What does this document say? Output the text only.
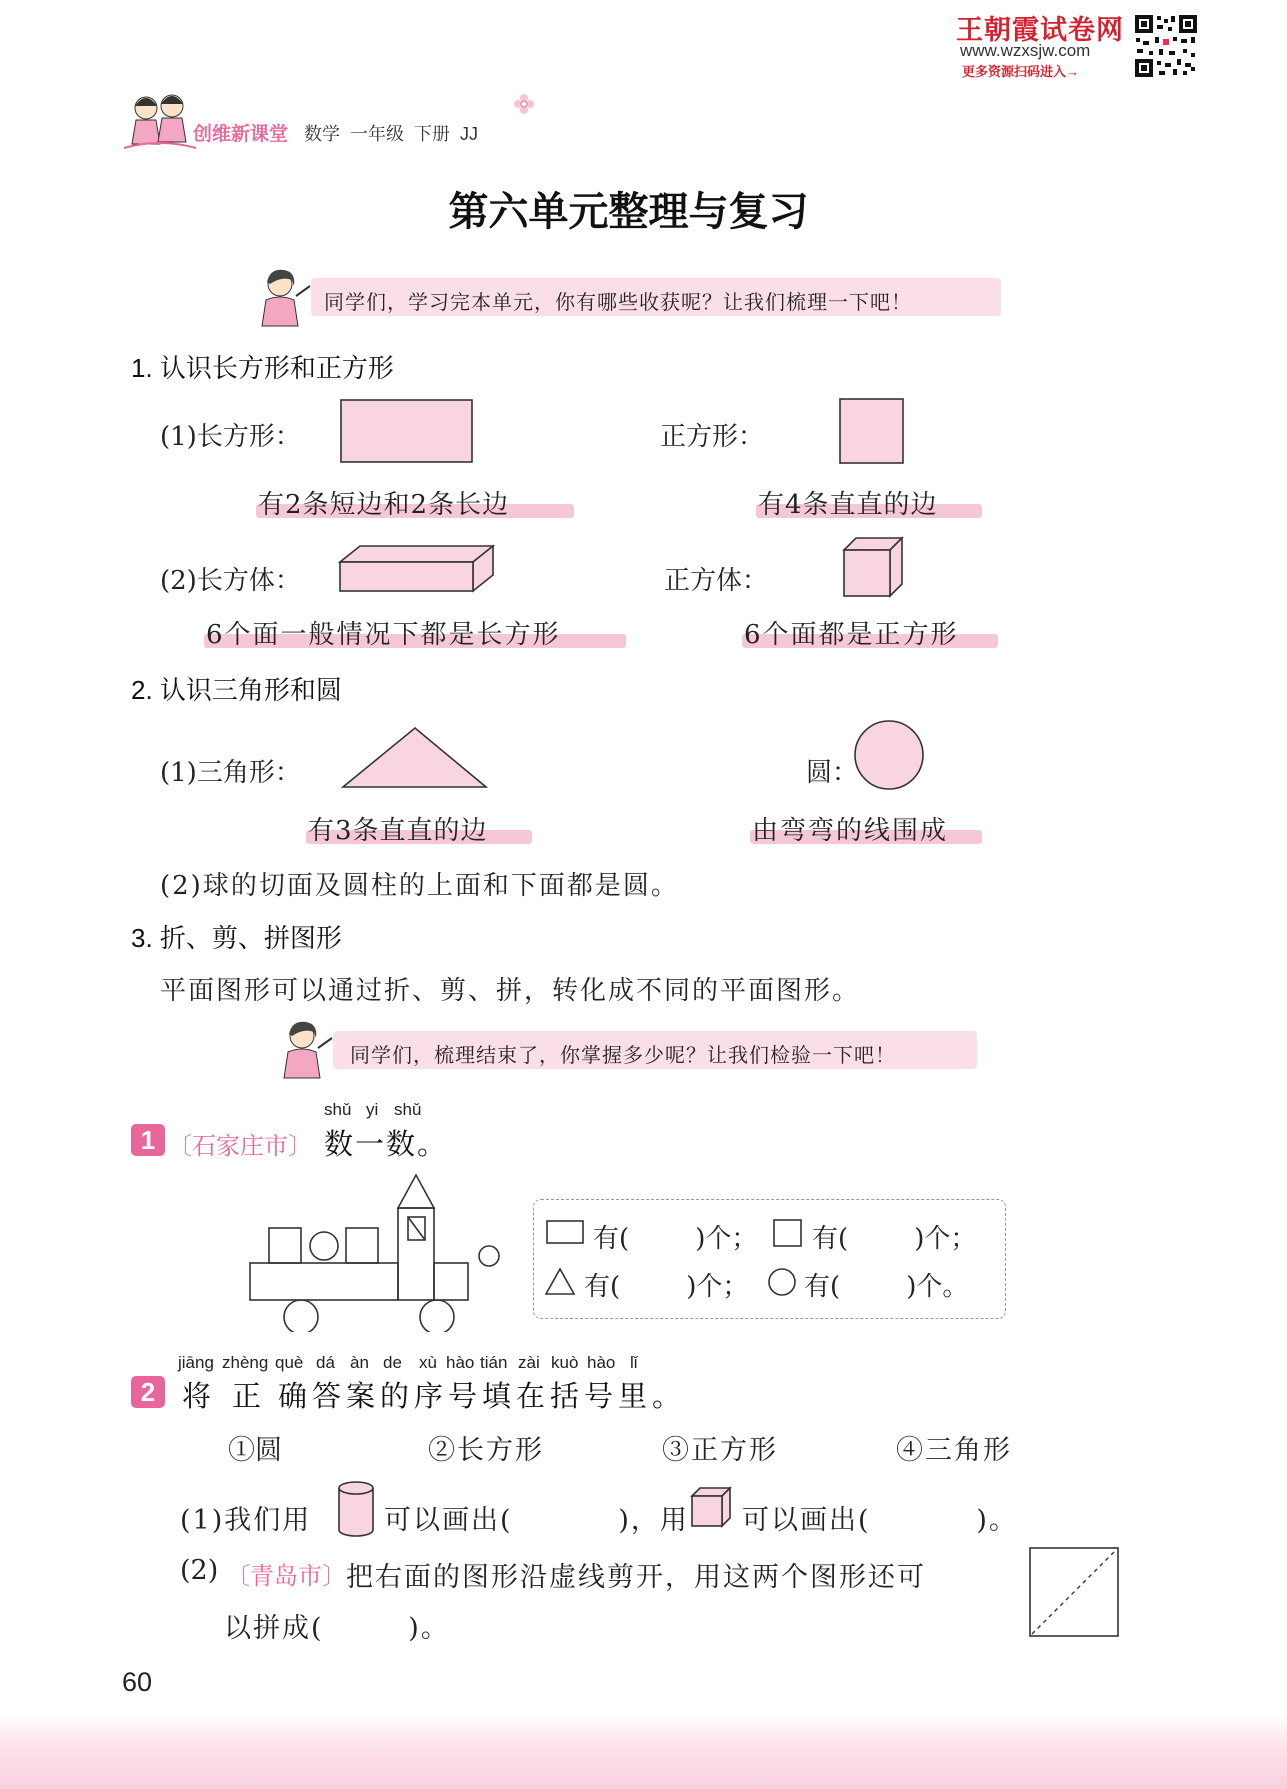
王朝霞试卷网
www.wzxsjw.com
更多资源扫码进入→
创维新课堂 数学 一年级 下册 JJ
第六单元整理与复习
同学们，学习完本单元，你有哪些收获呢？让我们梳理一下吧！
1. 认识长方形和正方形
(1)长方形：	正方形：
有2条短边和2条长边	有4条直直的边
(2)长方体：	正方体：
6个面一般情况下都是长方形	6个面都是正方形
2. 认识三角形和圆
(1)三角形：	圆：
有3条直直的边	由弯弯的线围成
(2)球的切面及圆柱的上面和下面都是圆。
3. 折、剪、拼图形
平面图形可以通过折、剪、拼，转化成不同的平面图形。
同学们，梳理结束了，你掌握多少呢？让我们检验一下吧！
shǔ yi shǔ
1 〔石家庄市〕 数一数。
有(        )个； 有(        )个；
有(        )个； 有(        )个。
jiāng zhèng què dá àn de xù hào tián zài kuò hào lǐ
2 将 正 确 答 案 的 序 号 填 在 括 号 里 。
①圆	②长方形	③正方形	④三角形
(1)我们用	可以画出(          )，用 可以画出(          )。
(2) 〔青岛市〕 把右面的图形沿虚线剪开，用这两个图形还可
以拼成(        )。
60
